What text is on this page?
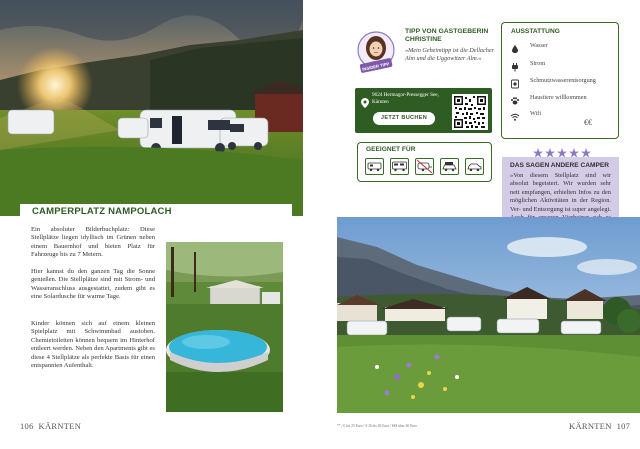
CAMPERPLATZ NAMPOLACH

Ein absoluter Bilderbuchplatz: Diese Stellplätze liegen idyllisch im Grünen neben einem Bauernhof und bieten Platz für Fahrzeuge bis zu 7 Metern.

Hier kannst du den ganzen Tag die Sonne genießen. Die Stellplätze sind mit Strom- und Wasseranschluss ausgestattet, zudem gibt es eine Solardusche für warme Tage.

Kinder können sich auf einem kleinen Spielplatz mit Schwimmbad austoben. Chemietoiletten können bequem im Hinterhof entleert werden. Neben den Apartments gibt es diese 4 Stellplätze als perfekte Basis für einen entspannten Aufenthalt.

106 KÄRNTEN
INSIDER TIPP
TIPP VON GASTGEBERIN CHRISTINE
»Mein Geheimtipp ist die Dellacher Alm und die Uggowitzer Alm.«
9624 Hermagor-Pressegger See, Kärnten
JETZT BUCHEN
GEEIGNET FÜR
AUSSTATTUNG
Wasser
Strom
Schmutzwasserentsorgung
Haustiere willkommen
Wifi
€€
DAS SAGEN ANDERE CAMPER

»Von diesem Stellplatz sind wir absolut begeistert. Wir wurden sehr nett empfangen, erhielten Infos zu den möglichen Aktivitäten in der Region. Ver- und Entsorgung ist super angelegt.

** / € bis 25 Euro / € 26 bis 40 Euro / €€€ über 40 Euro	KÄRNTEN 107
